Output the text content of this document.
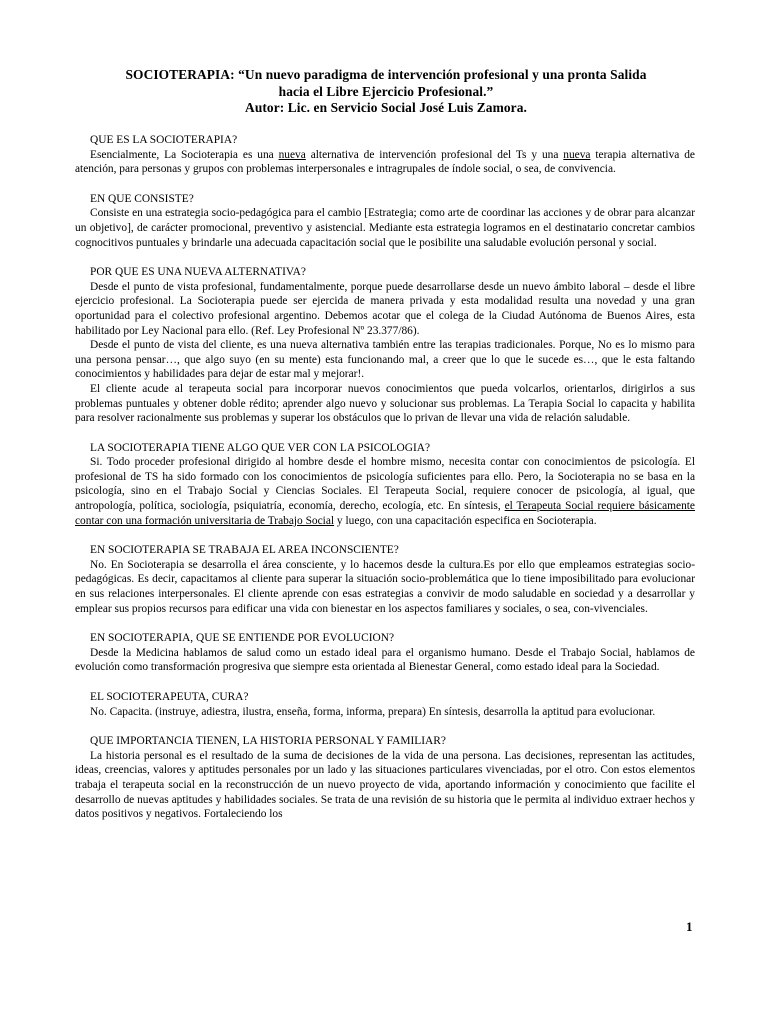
SOCIOTERAPIA: “Un nuevo paradigma de intervención profesional y una pronta Salida
hacia el Libre Ejercicio Profesional.”
Autor: Lic. en Servicio Social José Luis Zamora.

QUE ES LA SOCIOTERAPIA?

Esencialmente, La Socioterapia es una nueva alternativa de intervención profesional del Ts y una nueva terapia alternativa de atención, para personas y grupos con problemas interpersonales e intragrupales de índole social, o sea, de convivencia.

EN QUE CONSISTE?

Consiste en una estrategia socio-pedagógica para el cambio [Estrategia; como arte de coordinar las acciones y de obrar para alcanzar un objetivo], de carácter promocional, preventivo y asistencial. Mediante esta estrategia logramos en el destinatario concretar cambios cognocitivos puntuales y brindarle una adecuada capacitación social que le posibilite una saludable evolución personal y social.

POR QUE ES UNA NUEVA ALTERNATIVA?

Desde el punto de vista profesional, fundamentalmente, porque puede desarrollarse desde un nuevo ámbito laboral – desde el libre ejercicio profesional. La Socioterapia puede ser ejercida de manera privada y esta modalidad resulta una novedad y una gran oportunidad para el colectivo profesional argentino. Debemos acotar que el colega de la Ciudad Autónoma de Buenos Aires, esta habilitado por Ley Nacional para ello. (Ref. Ley Profesional Nº 23.377/86).

Desde el punto de vista del cliente, es una nueva alternativa también entre las terapias tradicionales. Porque, No es lo mismo para una persona pensar…, que algo suyo (en su mente) esta funcionando mal, a creer que lo que le sucede es…, que le esta faltando conocimientos y habilidades para dejar de estar mal y mejorar!.

El cliente acude al terapeuta social para incorporar nuevos conocimientos que pueda volcarlos, orientarlos, dirigirlos a sus problemas puntuales y obtener doble rédito; aprender algo nuevo y solucionar sus problemas. La Terapia Social lo capacita y habilita para resolver racionalmente sus problemas y superar los obstáculos que lo privan de llevar una vida de relación saludable.

LA SOCIOTERAPIA TIENE ALGO QUE VER CON LA PSICOLOGIA?

Si. Todo proceder profesional dirigido al hombre desde el hombre mismo, necesita contar con conocimientos de psicología. El profesional de TS ha sido formado con los conocimientos de psicología suficientes para ello. Pero, la Socioterapia no se basa en la psicología, sino en el Trabajo Social y Ciencias Sociales. El Terapeuta Social, requiere conocer de psicología, al igual, que antropología, política, sociología, psiquiatría, economía, derecho, ecología, etc. En síntesis, el Terapeuta Social requiere básicamente contar con una formación universitaria de Trabajo Social y luego, con una capacitación especifica en Socioterapia.

EN SOCIOTERAPIA SE TRABAJA EL AREA INCONSCIENTE?

No. En Socioterapia se desarrolla el área consciente, y lo hacemos desde la cultura.Es por ello que empleamos estrategias socio-pedagógicas. Es decir, capacitamos al cliente para superar la situación socio-problemática que lo tiene imposibilitado para evolucionar en sus relaciones interpersonales. El cliente aprende con esas estrategias a convivir de modo saludable en sociedad y a desarrollar y emplear sus propios recursos para edificar una vida con bienestar en los aspectos familiares y sociales, o sea, con-vivenciales.

EN SOCIOTERAPIA, QUE SE ENTIENDE POR EVOLUCION?

Desde la Medicina hablamos de salud como un estado ideal para el organismo humano. Desde el Trabajo Social, hablamos de evolución como transformación progresiva que siempre esta orientada al Bienestar General, como estado ideal para la Sociedad.

EL SOCIOTERAPEUTA, CURA?

No. Capacita. (instruye, adiestra, ilustra, enseña, forma, informa, prepara) En síntesis, desarrolla la aptitud para evolucionar.

QUE IMPORTANCIA TIENEN, LA HISTORIA PERSONAL Y FAMILIAR?

La historia personal es el resultado de la suma de decisiones de la vida de una persona. Las decisiones, representan las actitudes, ideas, creencias, valores y aptitudes personales por un lado y las situaciones particulares vivenciadas, por el otro. Con estos elementos trabaja el terapeuta social en la reconstrucción de un nuevo proyecto de vida, aportando información y conocimiento que facilite el desarrollo de nuevas aptitudes y habilidades sociales. Se trata de una revisión de su historia que le permita al individuo extraer hechos y datos positivos y negativos. Fortaleciendo los

1
